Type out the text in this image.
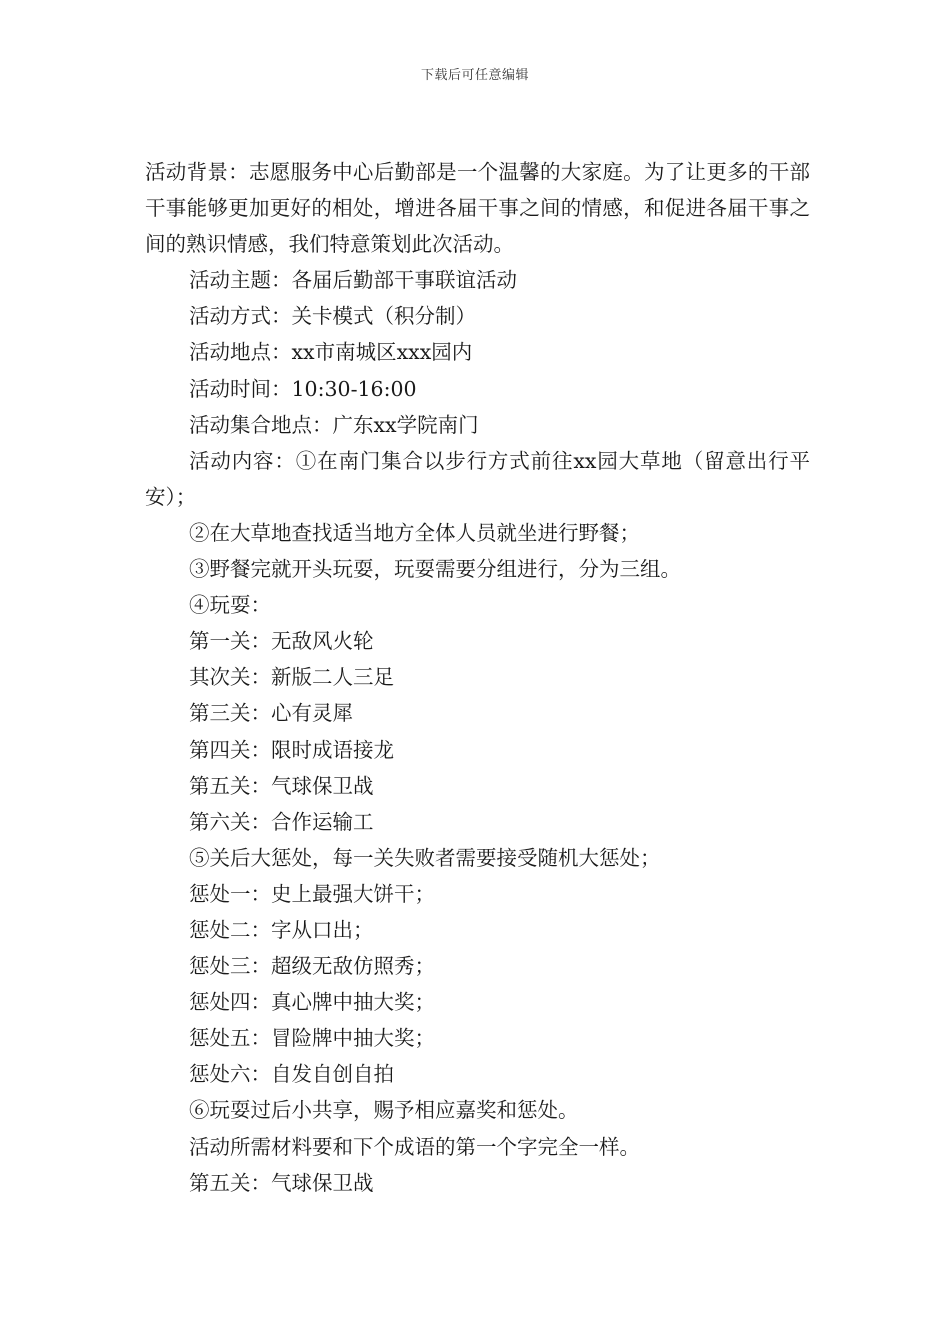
下载后可任意编辑

活动背景：志愿服务中心后勤部是一个温馨的大家庭。为了让更多的干部干事能够更加更好的相处，增进各届干事之间的情感，和促进各届干事之间的熟识情感，我们特意策划此次活动。

活动主题：各届后勤部干事联谊活动

活动方式：关卡模式（积分制）

活动地点：xx市南城区xxx园内

活动时间：10:30-16:00

活动集合地点：广东xx学院南门

活动内容：①在南门集合以步行方式前往xx园大草地（留意出行平安）；

②在大草地查找适当地方全体人员就坐进行野餐；

③野餐完就开头玩耍，玩耍需要分组进行，分为三组。

④玩耍：

第一关：无敌风火轮

其次关：新版二人三足

第三关：心有灵犀

第四关：限时成语接龙

第五关：气球保卫战

第六关：合作运输工

⑤关后大惩处，每一关失败者需要接受随机大惩处；

惩处一：史上最强大饼干；

惩处二：字从口出；

惩处三：超级无敌仿照秀；

惩处四：真心牌中抽大奖；

惩处五：冒险牌中抽大奖；

惩处六：自发自创自拍

⑥玩耍过后小共享，赐予相应嘉奖和惩处。

活动所需材料要和下个成语的第一个字完全一样。

第五关：气球保卫战
